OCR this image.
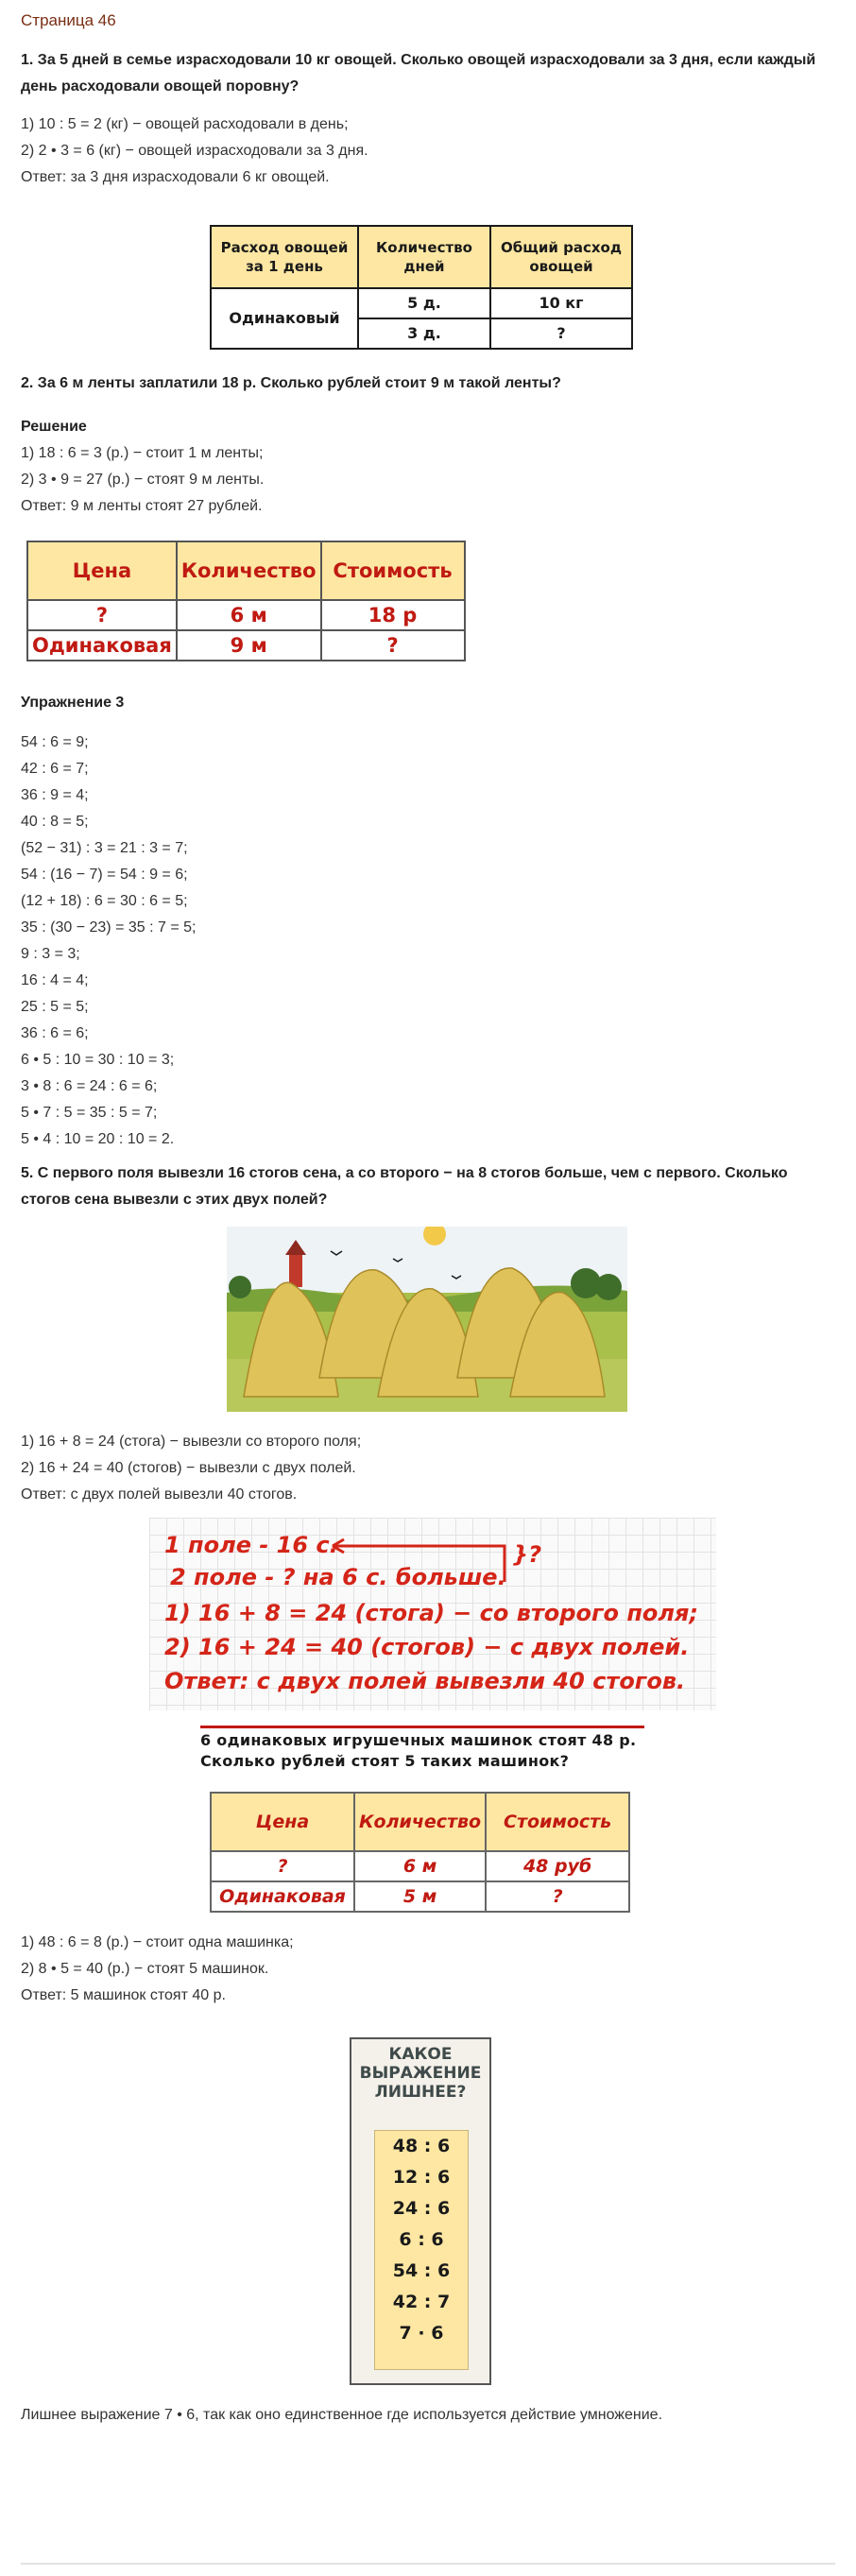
Страница 46

1. За 5 дней в семье израсходовали 10 кг овощей. Сколько овощей израсходовали за 3 дня, если каждый день расходовали овощей поровну?

1) 10 : 5 = 2 (кг) − овощей расходовали в день;

2) 2 • 3 = 6 (кг) − овощей израсходовали за 3 дня.

Ответ: за 3 дня израсходовали 6 кг овощей.

Расход овощей за 1 день	Количество дней	Общий расход овощей
Одинаковый	5 д.	10 кг
	3 д.	?

2. За 6 м ленты заплатили 18 р. Сколько рублей стоит 9 м такой ленты?

Решение

1) 18 : 6 = 3 (р.) − стоит 1 м ленты;

2) 3 • 9 = 27 (р.) − стоят 9 м ленты.

Ответ: 9 м ленты стоят 27 рублей.

Цена	Количество	Стоимость
?	6 м	18 р
Одинаковая	9 м	?

Упражнение 3

54 : 6 = 9;

42 : 6 = 7;

36 : 9 = 4;

40 : 8 = 5;

(52 − 31) : 3 = 21 : 3 = 7;

54 : (16 − 7) = 54 : 9 = 6;

(12 + 18) : 6 = 30 : 6 = 5;

35 : (30 − 23) = 35 : 7 = 5;

9 : 3 = 3;

16 : 4 = 4;

25 : 5 = 5;

36 : 6 = 6;

6 • 5 : 10 = 30 : 10 = 3;

3 • 8 : 6 = 24 : 6 = 6;

5 • 7 : 5 = 35 : 5 = 7;

5 • 4 : 10 = 20 : 10 = 2.

5. С первого поля вывезли 16 стогов сена, а со второго − на 8 стогов больше, чем с первого. Сколько стогов сена вывезли с этих двух полей?

1) 16 + 8 = 24 (стога) − вывезли со второго поля;

2) 16 + 24 = 40 (стогов) − вывезли с двух полей.

Ответ: с двух полей вывезли 40 стогов.

1 поле - 16 с.	}?
2 поле - ? на 6 с. больше.
1) 16 + 8 = 24 (стога) − со второго поля;
2) 16 + 24 = 40 (стогов) − с двух полей.
Ответ: с двух полей вывезли 40 стогов.
6 одинаковых игрушечных машинок стоят 48 р.
Сколько рублей стоят 5 таких машинок?
Цена	Количество	Стоимость
?	6 м	48 руб
Одинаковая	5 м	?

1) 48 : 6 = 8 (р.) − стоит одна машинка;

2) 8 • 5 = 40 (р.) − стоят 5 машинок.

Ответ: 5 машинок стоят 40 р.

КАКОЕ
ВЫРАЖЕНИЕ
ЛИШНЕЕ?
48 : 6
12 : 6
24 : 6
6 : 6
54 : 6
42 : 7
7 · 6

Лишнее выражение 7 • 6, так как оно единственное где используется действие умножение.
